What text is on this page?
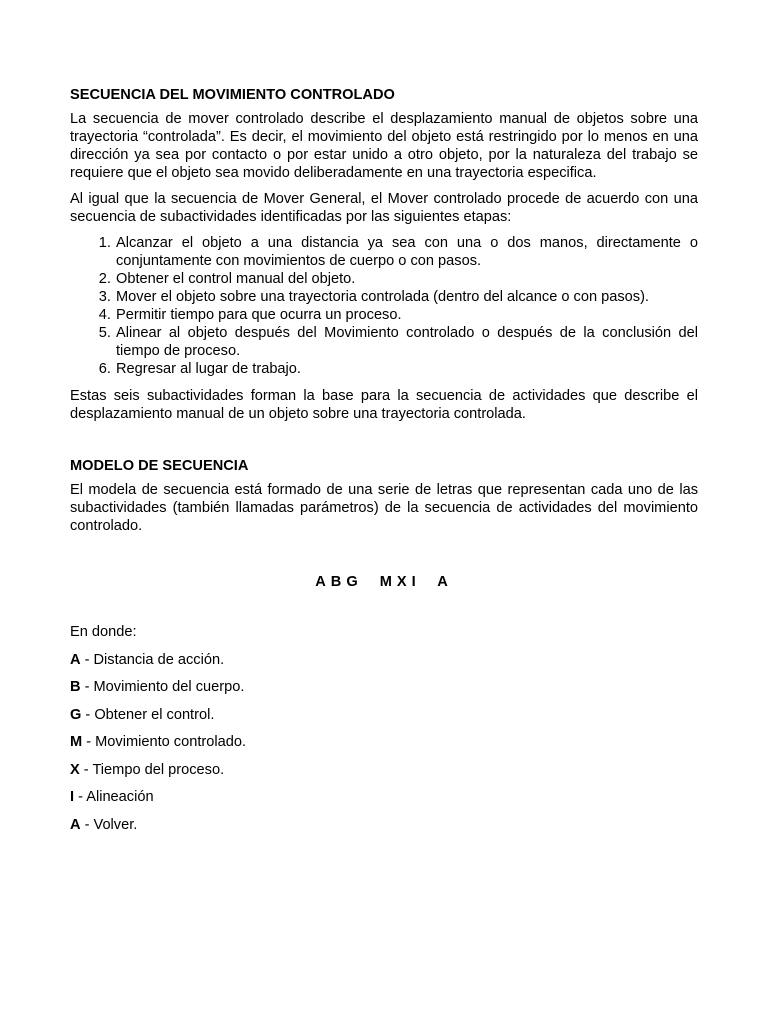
SECUENCIA DEL MOVIMIENTO CONTROLADO

La secuencia de mover controlado describe el desplazamiento manual de objetos sobre una trayectoria “controlada”. Es decir, el movimiento del objeto está restringido por lo menos en una dirección ya sea por contacto o por estar unido a otro objeto, por la naturaleza del trabajo se requiere que el objeto sea movido deliberadamente en una trayectoria especifica.

Al igual que la secuencia de Mover General, el Mover controlado procede de acuerdo con una secuencia de subactividades identificadas por las siguientes etapas:

1. Alcanzar el objeto a una distancia ya sea con una o dos manos, directamente o conjuntamente con movimientos de cuerpo o con pasos.
2. Obtener el control manual del objeto.
3. Mover el objeto sobre una trayectoria controlada (dentro del alcance o con pasos).
4. Permitir tiempo para que ocurra un proceso.
5. Alinear al objeto después del Movimiento controlado o después de la conclusión del tiempo de proceso.
6. Regresar al lugar de trabajo.

Estas seis subactividades forman la base para la secuencia de actividades que describe el desplazamiento manual de un objeto sobre una trayectoria controlada.

MODELO DE SECUENCIA

El modela de secuencia está formado de una serie de letras que representan cada uno de las subactividades (también llamadas parámetros) de la secuencia de actividades del movimiento controlado.

ABG MXI A
En donde:
A - Distancia de acción.
B - Movimiento del cuerpo.
G - Obtener el control.
M - Movimiento controlado.
X - Tiempo del proceso.
I - Alineación
A - Volver.
